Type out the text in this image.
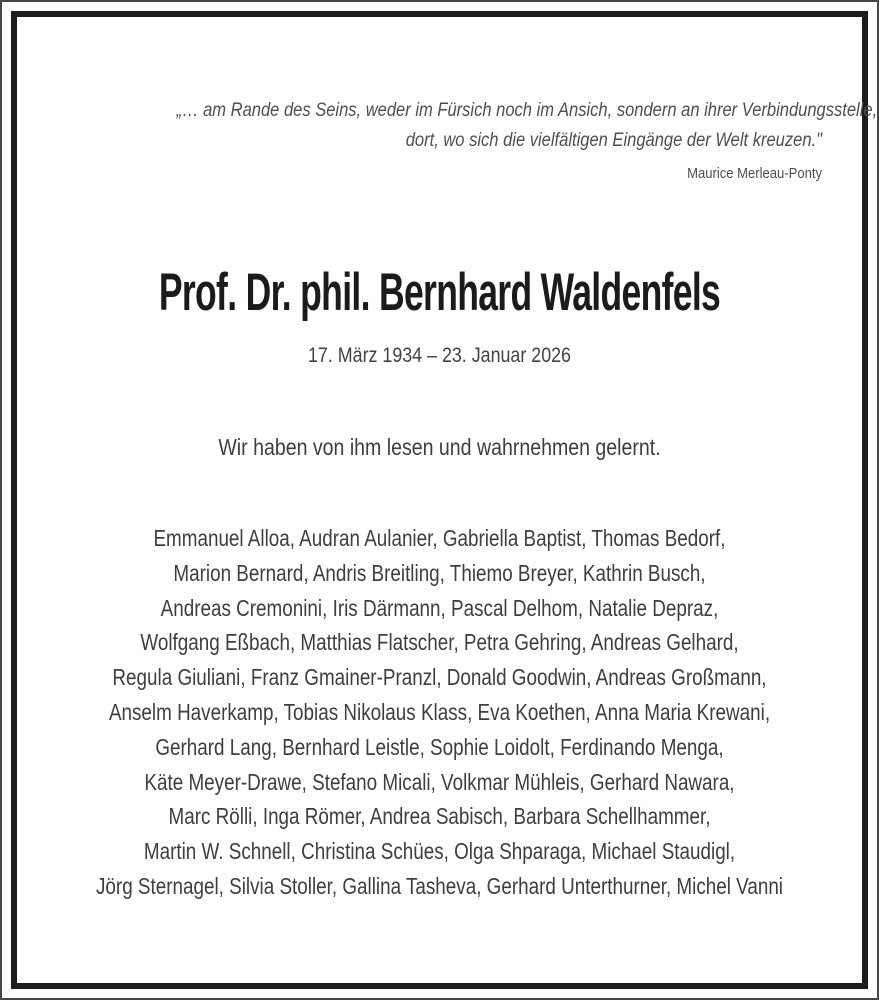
„… am Rande des Seins, weder im Fürsich noch im Ansich, sondern an ihrer Verbindungsstelle,
dort, wo sich die vielfältigen Eingänge der Welt kreuzen."
Maurice Merleau-Ponty
Prof. Dr. phil. Bernhard Waldenfels
17. März 1934 – 23. Januar 2026
Wir haben von ihm lesen und wahrnehmen gelernt.
Emmanuel Alloa, Audran Aulanier, Gabriella Baptist, Thomas Bedorf,
Marion Bernard, Andris Breitling, Thiemo Breyer, Kathrin Busch,
Andreas Cremonini, Iris Därmann, Pascal Delhom, Natalie Depraz,
Wolfgang Eßbach, Matthias Flatscher, Petra Gehring, Andreas Gelhard,
Regula Giuliani, Franz Gmainer-Pranzl, Donald Goodwin, Andreas Großmann,
Anselm Haverkamp, Tobias Nikolaus Klass, Eva Koethen, Anna Maria Krewani,
Gerhard Lang, Bernhard Leistle, Sophie Loidolt, Ferdinando Menga,
Käte Meyer-Drawe, Stefano Micali, Volkmar Mühleis, Gerhard Nawara,
Marc Rölli, Inga Römer, Andrea Sabisch, Barbara Schellhammer,
Martin W. Schnell, Christina Schües, Olga Shparaga, Michael Staudigl,
Jörg Sternagel, Silvia Stoller, Gallina Tasheva, Gerhard Unterthurner, Michel Vanni
